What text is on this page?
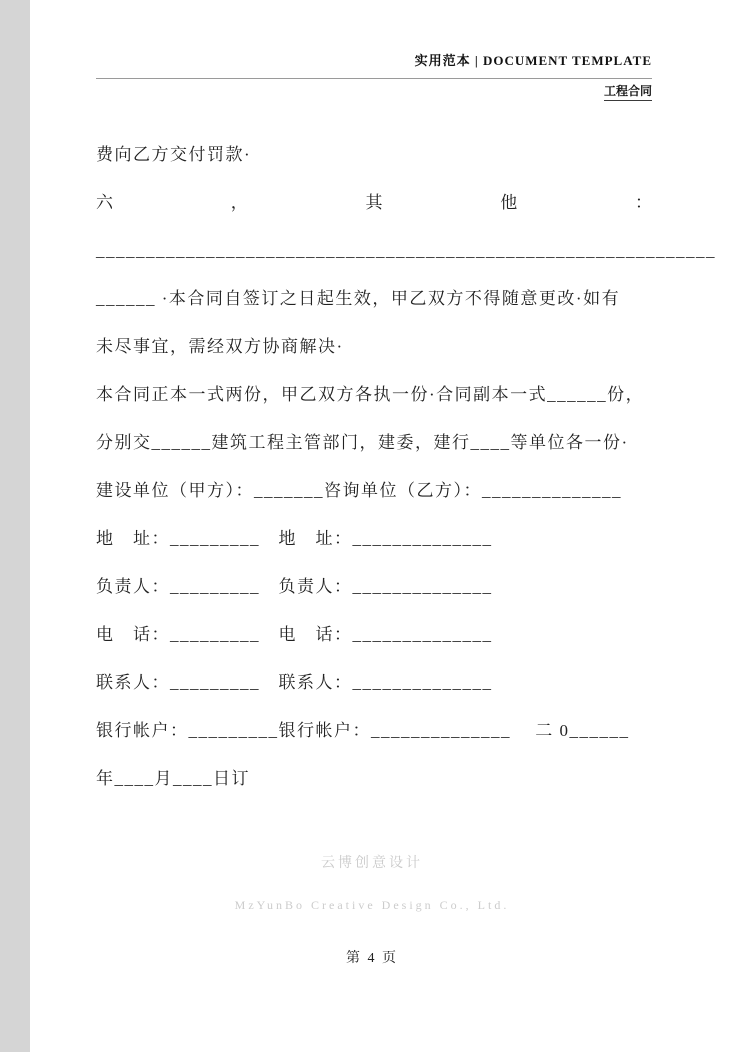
实用范本 | DOCUMENT TEMPLATE
工程合同

费向乙方交付罚款·

六	，	其	他	：

______________________________________________________________

______ ·本合同自签订之日起生效，甲乙双方不得随意更改·如有

未尽事宜，需经双方协商解决·

本合同正本一式两份，甲乙双方各执一份·合同副本一式______份，

分别交______建筑工程主管部门，建委，建行____等单位各一份·

建设单位（甲方）：_______咨询单位（乙方）：______________

地　址：_________　地　址：______________

负责人：_________　负责人：______________

电　话：_________　电　话：______________

联系人：_________　联系人：______________

银行帐户：_________银行帐户：______________　 二 0______

年____月____日订

云博创意设计
MzYunBo Creative Design Co., Ltd.
第 4 页
